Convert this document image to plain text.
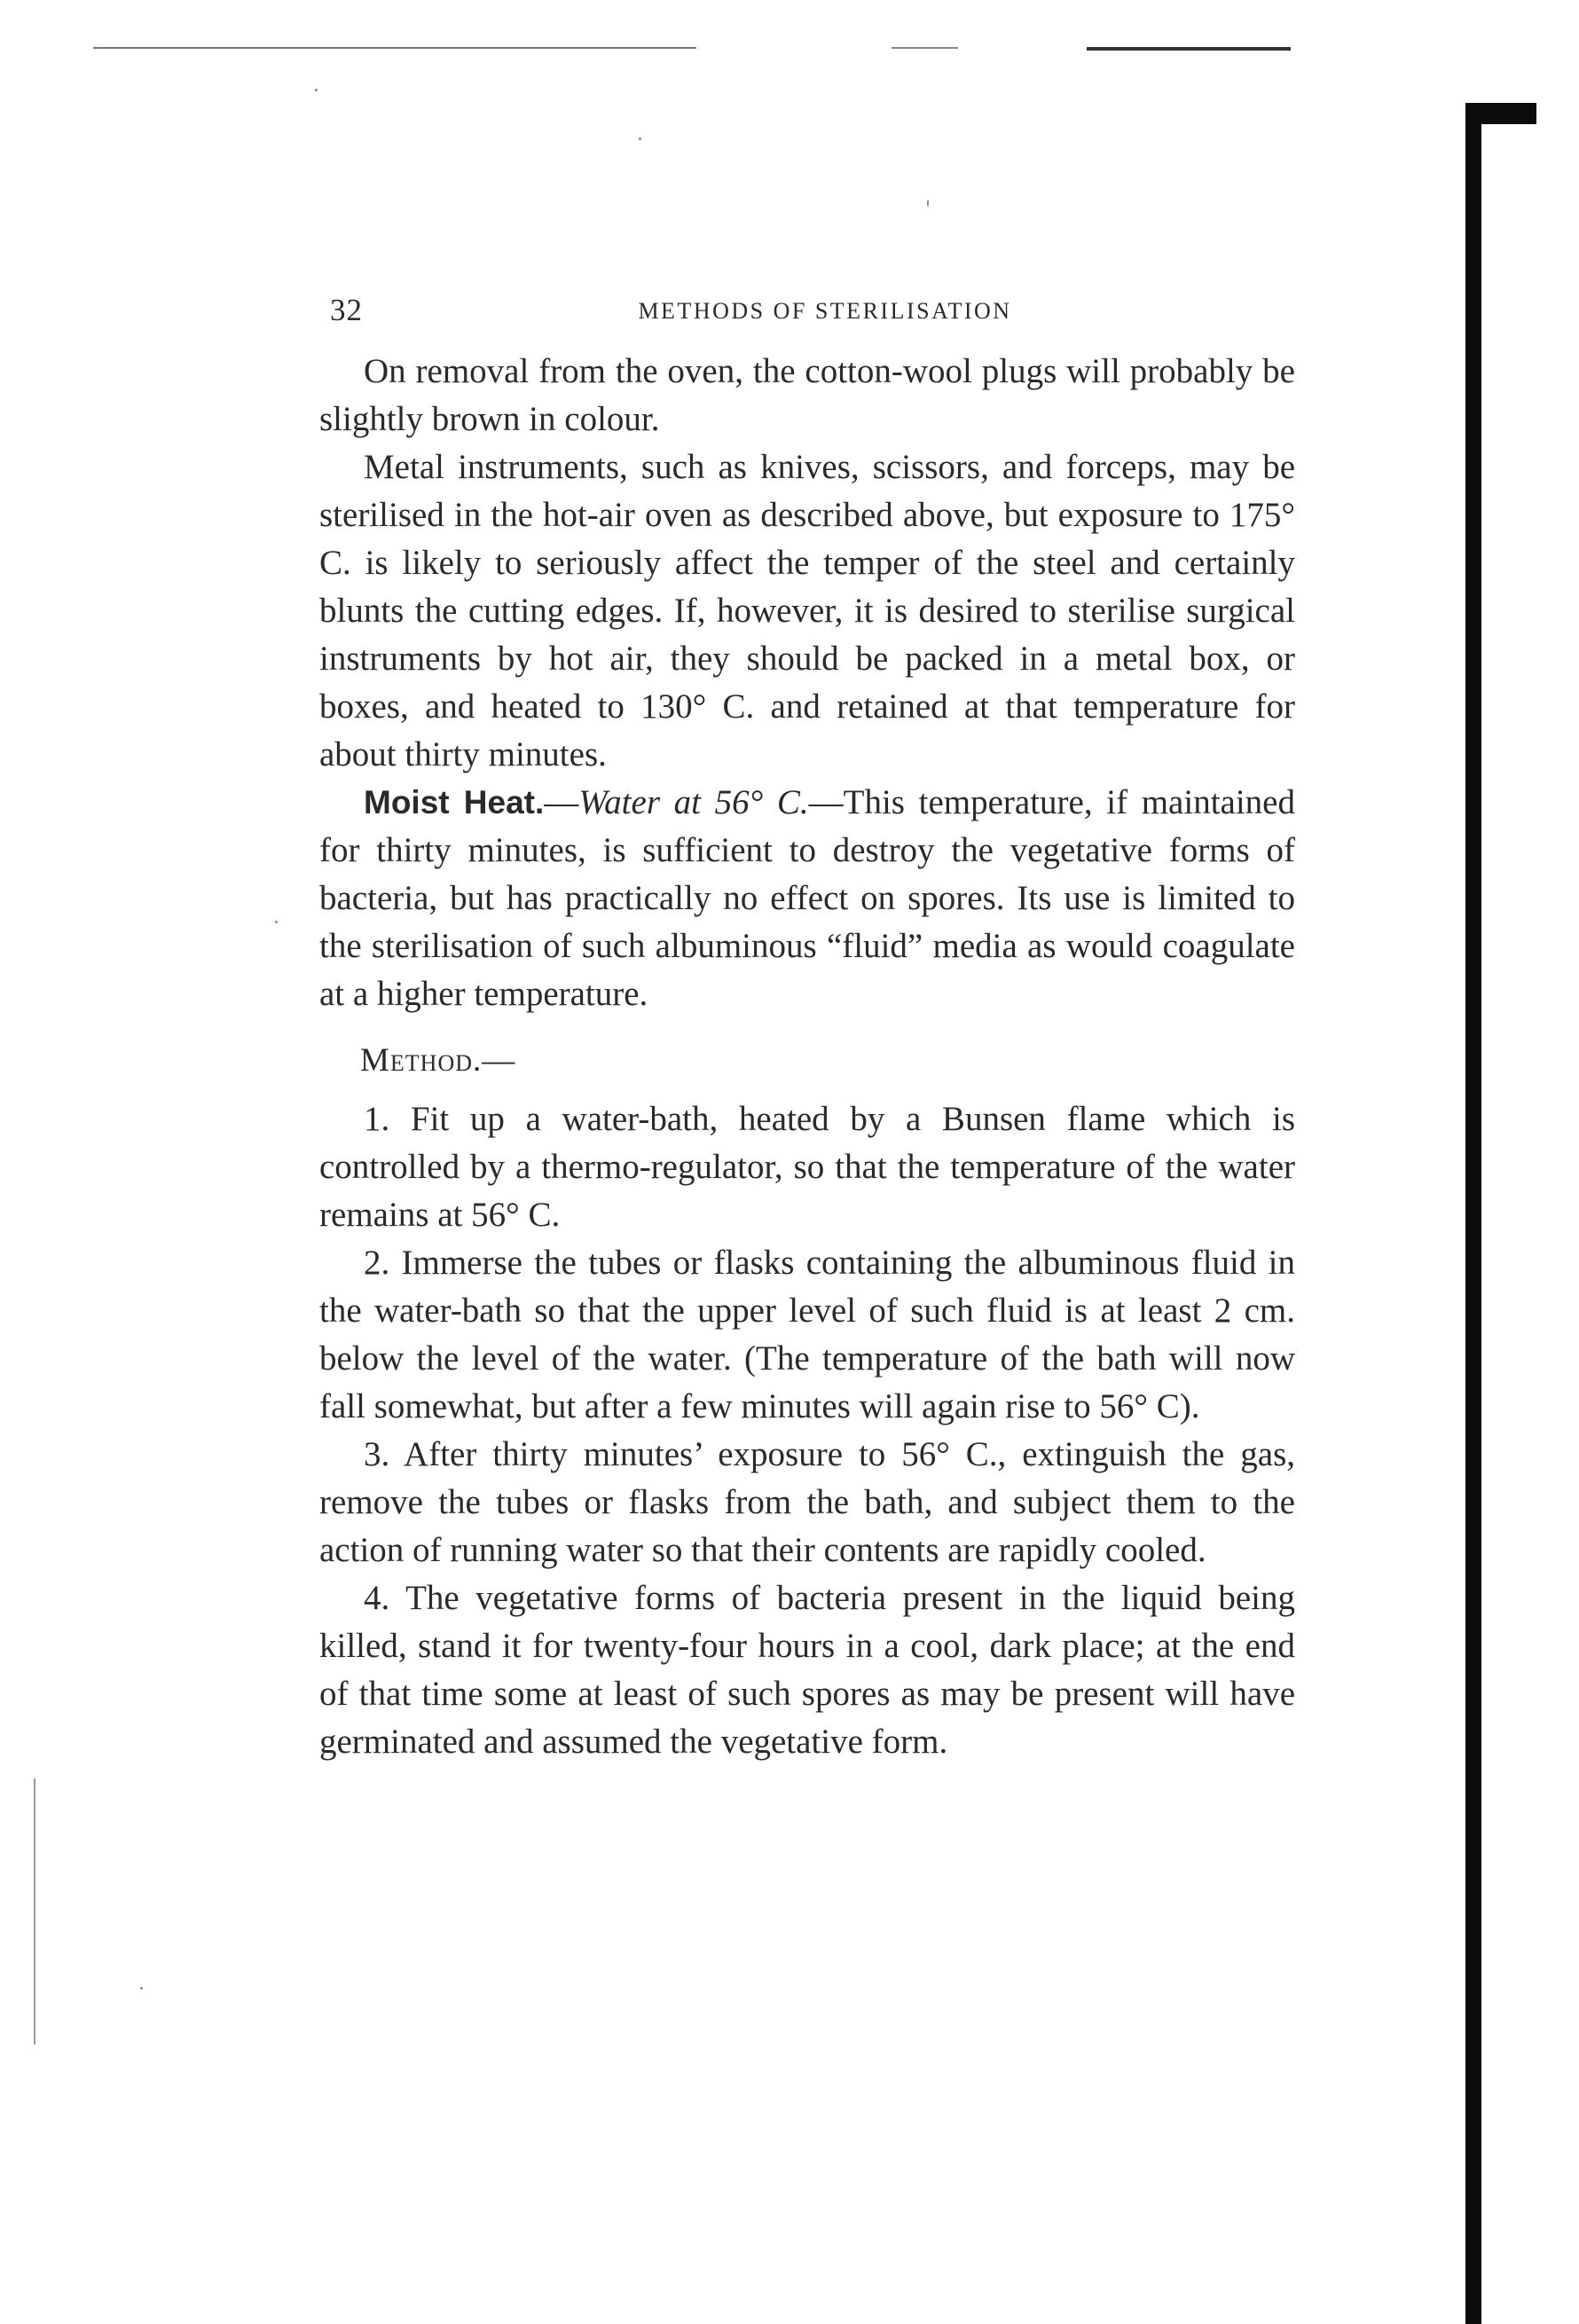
32	METHODS OF STERILISATION

On removal from the oven, the cotton-wool plugs will probably be slightly brown in colour.

Metal instruments, such as knives, scissors, and forceps, may be sterilised in the hot-air oven as described above, but exposure to 175° C. is likely to seriously affect the temper of the steel and certainly blunts the cutting edges. If, however, it is desired to sterilise surgical instruments by hot air, they should be packed in a metal box, or boxes, and heated to 130° C. and retained at that temperature for about thirty minutes.

Moist Heat.—Water at 56° C.—This temperature, if maintained for thirty minutes, is sufficient to destroy the vegetative forms of bacteria, but has practically no effect on spores. Its use is limited to the sterilisation of such albuminous “fluid” media as would coagulate at a higher temperature.

Method.—

1. Fit up a water-bath, heated by a Bunsen flame which is controlled by a thermo-regulator, so that the temperature of the water remains at 56° C.

2. Immerse the tubes or flasks containing the albuminous fluid in the water-bath so that the upper level of such fluid is at least 2 cm. below the level of the water. (The temperature of the bath will now fall somewhat, but after a few minutes will again rise to 56° C).

3. After thirty minutes’ exposure to 56° C., extinguish the gas, remove the tubes or flasks from the bath, and subject them to the action of running water so that their contents are rapidly cooled.

4. The vegetative forms of bacteria present in the liquid being killed, stand it for twenty-four hours in a cool, dark place; at the end of that time some at least of such spores as may be present will have germinated and assumed the vegetative form.
